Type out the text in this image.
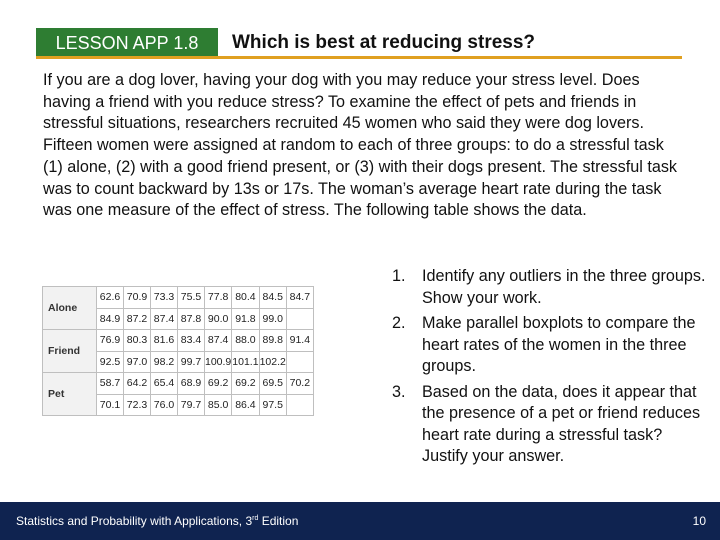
LESSON APP 1.8	Which is best at reducing stress?
If you are a dog lover, having your dog with you may reduce your stress level. Does having a friend with you reduce stress? To examine the effect of pets and friends in stressful situations, researchers recruited 45 women who said they were dog lovers. Fifteen women were assigned at random to each of three groups: to do a stressful task (1) alone, (2) with a good friend present, or (3) with their dogs present. The stressful task was to count backward by 13s or 17s. The woman’s average heart rate during the task was one measure of the effect of stress. The following table shows the data.
Alone	62.6	70.9	73.3	75.5	77.8	80.4	84.5	84.7
	84.9	87.2	87.4	87.8	90.0	91.8	99.0	
Friend	76.9	80.3	81.6	83.4	87.4	88.0	89.8	91.4
	92.5	97.0	98.2	99.7	100.9	101.1	102.2	
Pet	58.7	64.2	65.4	68.9	69.2	69.2	69.5	70.2
	70.1	72.3	76.0	79.7	85.0	86.4	97.5	
1. Identify any outliers in the three groups. Show your work.
2. Make parallel boxplots to compare the heart rates of the women in the three groups.
3. Based on the data, does it appear that the presence of a pet or friend reduces heart rate during a stressful task? Justify your answer.
Statistics and Probability with Applications, 3rd Edition	10
